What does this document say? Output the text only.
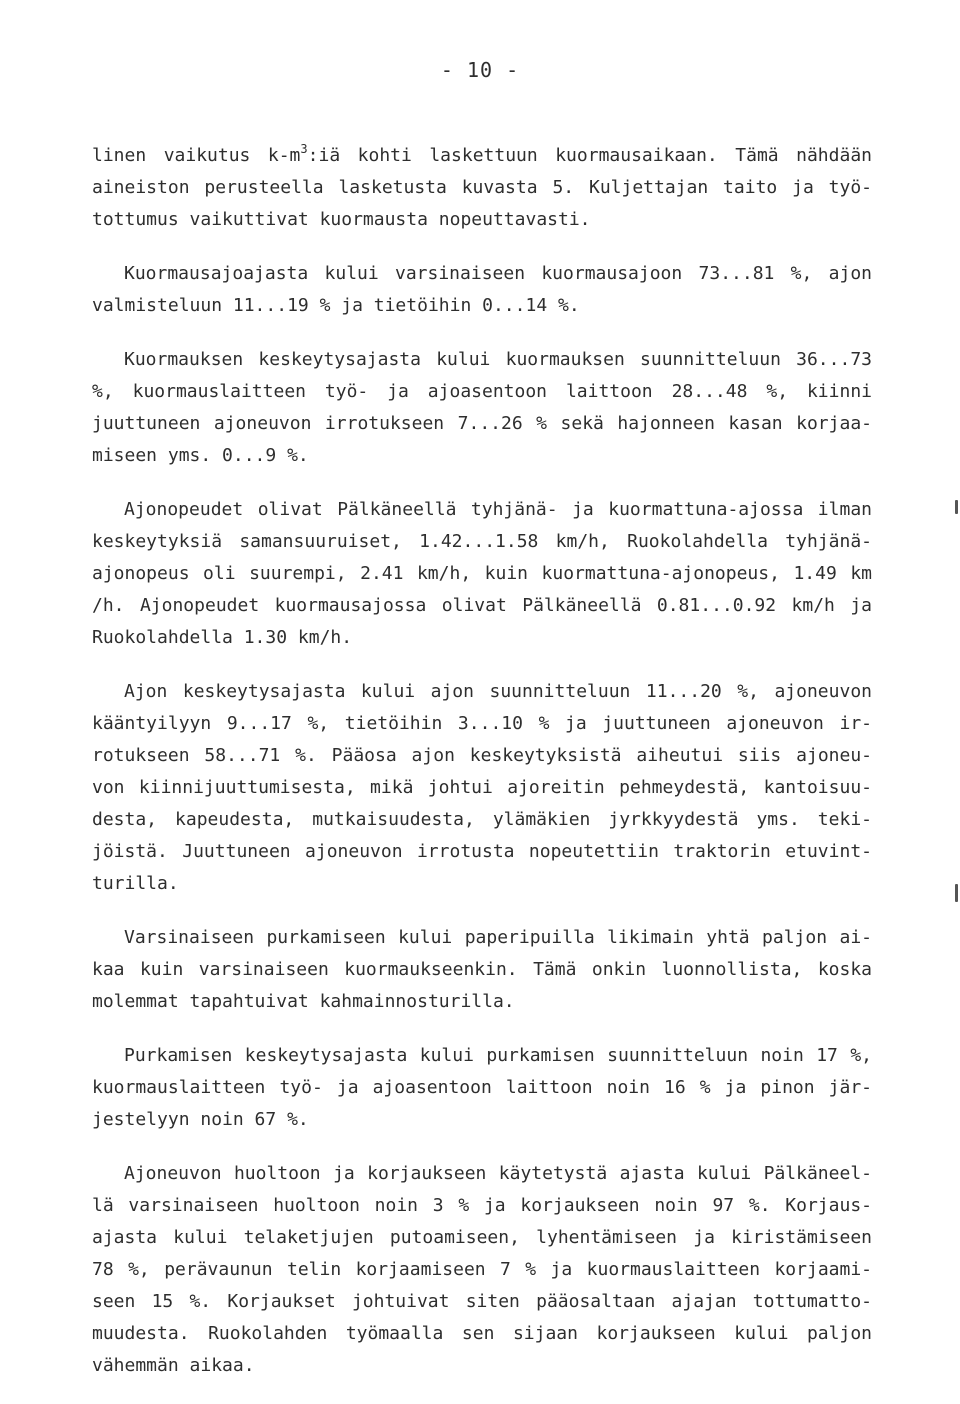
- 10 -
linen vaikutus $k-m^3:iä$ kohti laskettuun kuormausaikaan. Tämä nähdään
aineiston perusteella lasketusta kuvasta 5. Kuljettajan taito ja työ-
tottumus vaikuttivat kuormausta nopeuttavasti.
Kuormausajoajasta kului varsinaiseen kuormausajoon 73...81 %, ajon
valmisteluun 11...19 % ja tietöihin 0...14 %.
Kuormauksen keskeytysajasta kului kuormauksen suunnitteluun 36...73
%, kuormauslaitteen työ- ja ajoasentoon laittoon 28...48 %, kiinni
juuttuneen ajoneuvon irrotukseen 7...26 % sekä hajonneen kasan korjaa-
miseen yms. 0...9 %.
Ajonopeudet olivat Pälkäneellä tyhjänä- ja kuormattuna-ajossa ilman
keskeytyksiä samansuuruiset, 1.42...1.58 km/h, Ruokolahdella tyhjänä-
ajonopeus oli suurempi, 2.41 km/h, kuin kuormattuna-ajonopeus, 1.49 km
/h. Ajonopeudet kuormausajossa olivat Pälkäneellä 0.81...0.92 km/h ja
Ruokolahdella 1.30 km/h.
Ajon keskeytysajasta kului ajon suunnitteluun 11...20 %, ajoneuvon
kääntyilyyn 9...17 %, tietöihin 3...10 % ja juuttuneen ajoneuvon ir-
rotukseen 58...71 %. Pääosa ajon keskeytyksistä aiheutui siis ajoneu-
von kiinnijuuttumisesta, mikä johtui ajoreitin pehmeydestä, kantoisuu-
desta, kapeudesta, mutkaisuudesta, ylämäkien jyrkkyydestä yms. teki-
jöistä. Juuttuneen ajoneuvon irrotusta nopeutettiin traktorin etuvint-
turilla.
Varsinaiseen purkamiseen kului paperipuilla likimain yhtä paljon ai-
kaa kuin varsinaiseen kuormaukseenkin. Tämä onkin luonnollista, koska
molemmat tapahtuivat kahmainnosturilla.
Purkamisen keskeytysajasta kului purkamisen suunnitteluun noin 17 %,
kuormauslaitteen työ- ja ajoasentoon laittoon noin 16 % ja pinon jär-
jestelyyn noin 67 %.
Ajoneuvon huoltoon ja korjaukseen käytetystä ajasta kului Pälkäneel-
lä varsinaiseen huoltoon noin 3 % ja korjaukseen noin 97 %. Korjaus-
ajasta kului telaketjujen putoamiseen, lyhentämiseen ja kiristämiseen
78 %, perävaunun telin korjaamiseen 7 % ja kuormauslaitteen korjaami-
seen 15 %. Korjaukset johtuivat siten pääosaltaan ajajan tottumatto-
muudesta. Ruokolahden työmaalla sen sijaan korjaukseen kului paljon
vähemmän aikaa.
